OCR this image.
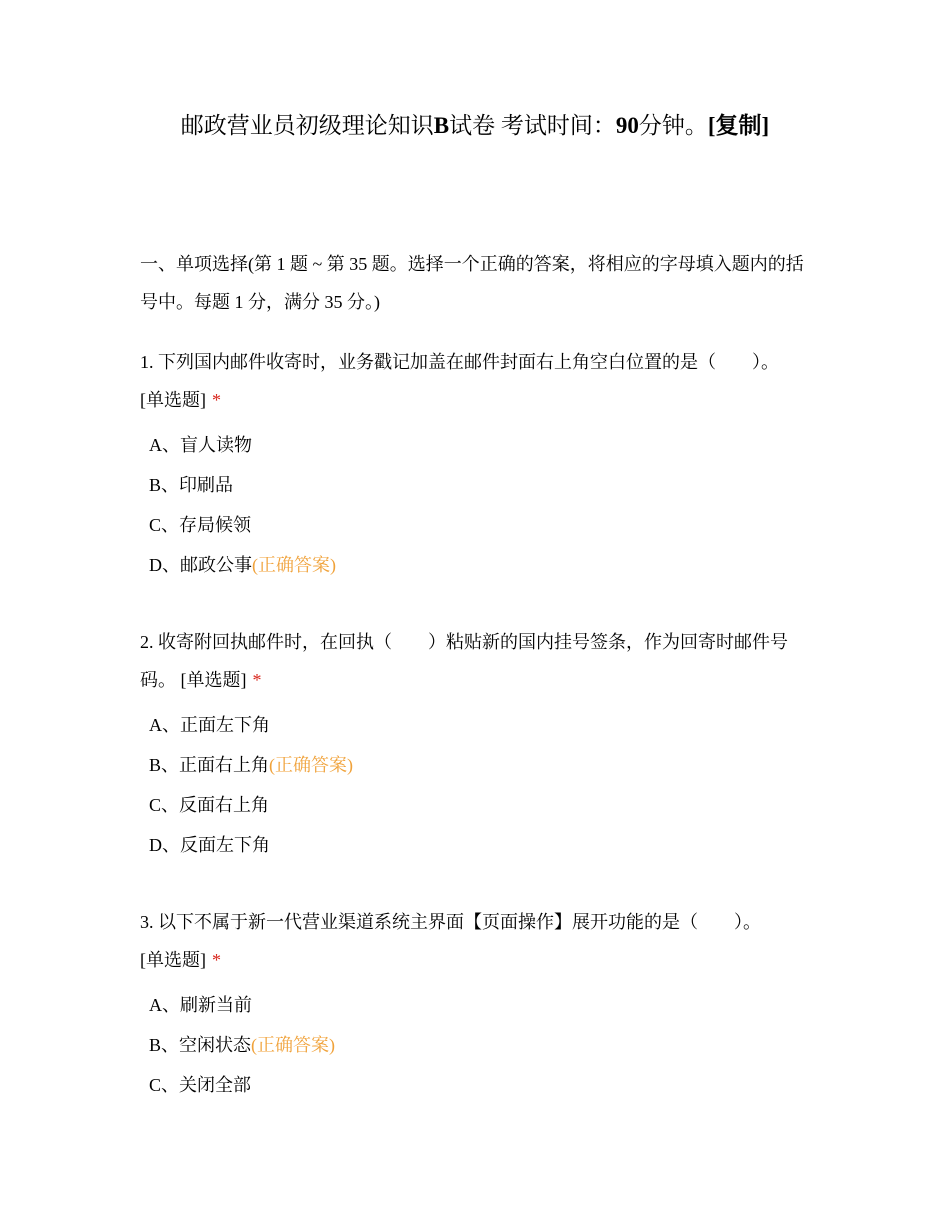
邮政营业员初级理论知识B试卷 考试时间：90分钟。[复制]
一、单项选择(第 1 题 ~ 第 35 题。选择一个正确的答案，将相应的字母填入题内的括号中。每题 1 分，满分 35 分。)

1. 下列国内邮件收寄时，业务戳记加盖在邮件封面右上角空白位置的是（　　）。
[单选题] *

A、盲人读物
B、印刷品
C、存局候领
D、邮政公事(正确答案)

2. 收寄附回执邮件时，在回执（　　）粘贴新的国内挂号签条，作为回寄时邮件号码。 [单选题] *

A、正面左下角
B、正面右上角(正确答案)
C、反面右上角
D、反面左下角

3. 以下不属于新一代营业渠道系统主界面【页面操作】展开功能的是（　　）。
[单选题] *

A、刷新当前
B、空闲状态(正确答案)
C、关闭全部
